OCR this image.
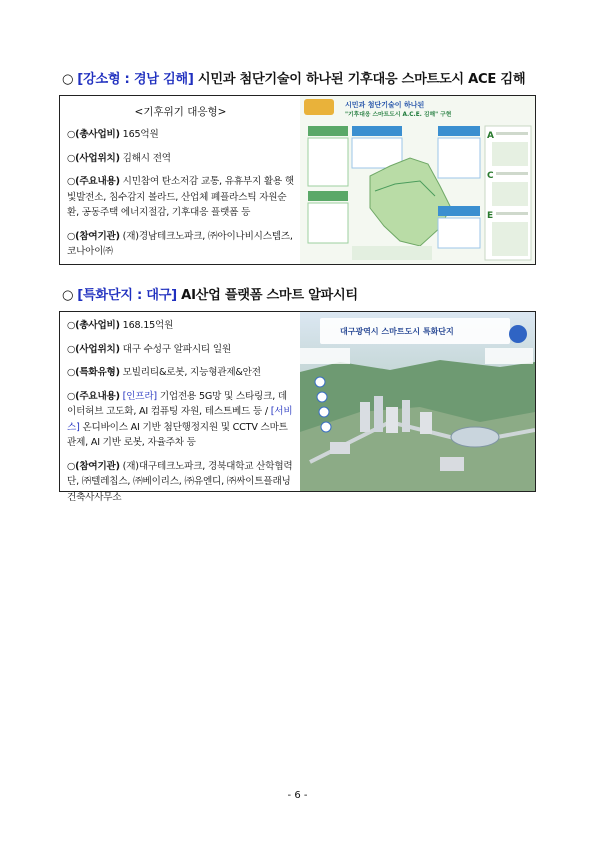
○ [강소형 : 경남 김해] 시민과 첨단기술이 하나된 기후대응 스마트도시 ACE 김해
<기후위기 대응형>
○(총사업비) 165억원
○(사업위치) 김해시 전역
○(주요내용) 시민참여 탄소저감 교통, 유휴부지 활용 햇빛발전소, 침수감지 볼라드, 산업체 폐플라스틱 자원순환, 공동주택 에너지절감, 기후대응 플랫폼 등
○(참여기관) (재)경남테크노파크, ㈜아이나비시스템즈, 코나아이㈜
시민과 첨단기술이 하나된
"기후대응 스마트도시 A.C.E. 김해" 구현
A
C
E
○ [특화단지 : 대구] AI산업 플랫폼 스마트 알파시티
○(총사업비) 168.15억원
○(사업위치) 대구 수성구 알파시티 일원
○(특화유형) 모빌리티&로봇, 지능형관제&안전
○(주요내용) [인프라] 기업전용 5G망 및 스타링크, 데이터허브 고도화, AI 컴퓨팅 자원, 테스트베드 등 / [서비스] 온디바이스 AI 기반 첨단행정지원 및 CCTV 스마트 관제, AI 기반 로봇, 자율주차 등
○(참여기관) (재)대구테크노파크, 경북대학교 산학협력단, ㈜텔레칩스, ㈜베이리스, ㈜유엔디, ㈜싸이트플래닝건축사사무소
대구광역시 스마트도시 특화단지
- 6 -
